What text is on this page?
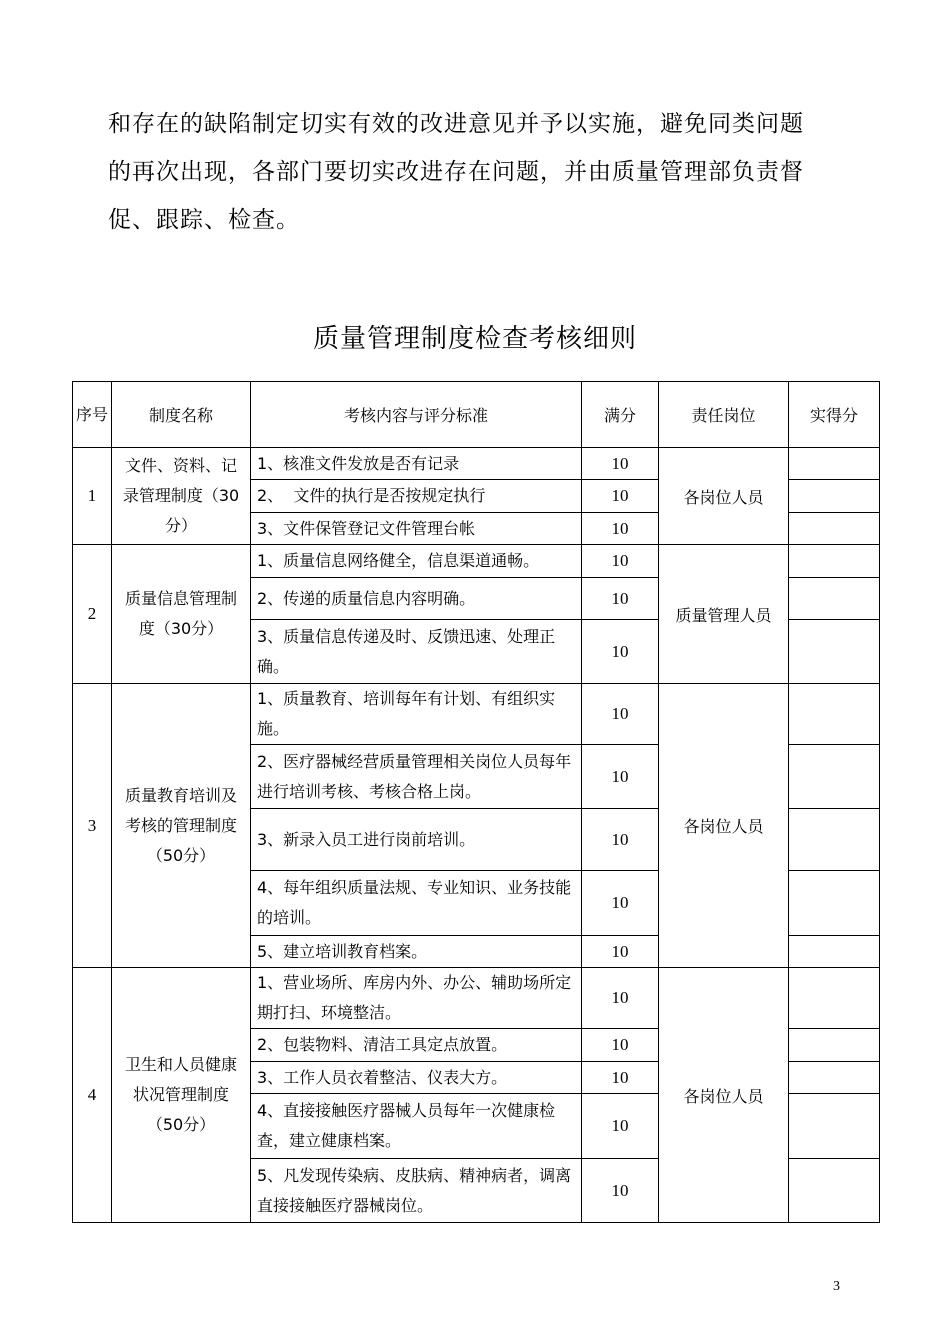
和存在的缺陷制定切实有效的改进意见并予以实施，避免同类问题
的再次出现，各部门要切实改进存在问题，并由质量管理部负责督
促、跟踪、检查。
质量管理制度检查考核细则
序号	制度名称	考核内容与评分标准	满分	责任岗位	实得分
1	文件、资料、记录管理制度（30分）	1、核准文件发放是否有记录	10	各岗位人员	
		2、  文件的执行是否按规定执行	10		
		3、文件保管登记文件管理台帐	10		
2	质量信息管理制度（30分）	1、质量信息网络健全，信息渠道通畅。	10	质量管理人员	
		2、传递的质量信息内容明确。	10		
		3、质量信息传递及时、反馈迅速、处理正确。	10		
3	质量教育培训及考核的管理制度（50分）	1、质量教育、培训每年有计划、有组织实施。	10	各岗位人员	
		2、医疗器械经营质量管理相关岗位人员每年进行培训考核、考核合格上岗。	10		
		3、新录入员工进行岗前培训。	10		
		4、每年组织质量法规、专业知识、业务技能的培训。	10		
		5、建立培训教育档案。	10		
4	卫生和人员健康状况管理制度（50分）	1、营业场所、库房内外、办公、辅助场所定期打扫、环境整洁。	10	各岗位人员	
		2、包装物料、清洁工具定点放置。	10		
		3、工作人员衣着整洁、仪表大方。	10		
		4、直接接触医疗器械人员每年一次健康检查，建立健康档案。	10		
		5、凡发现传染病、皮肤病、精神病者，调离直接接触医疗器械岗位。	10		
3
